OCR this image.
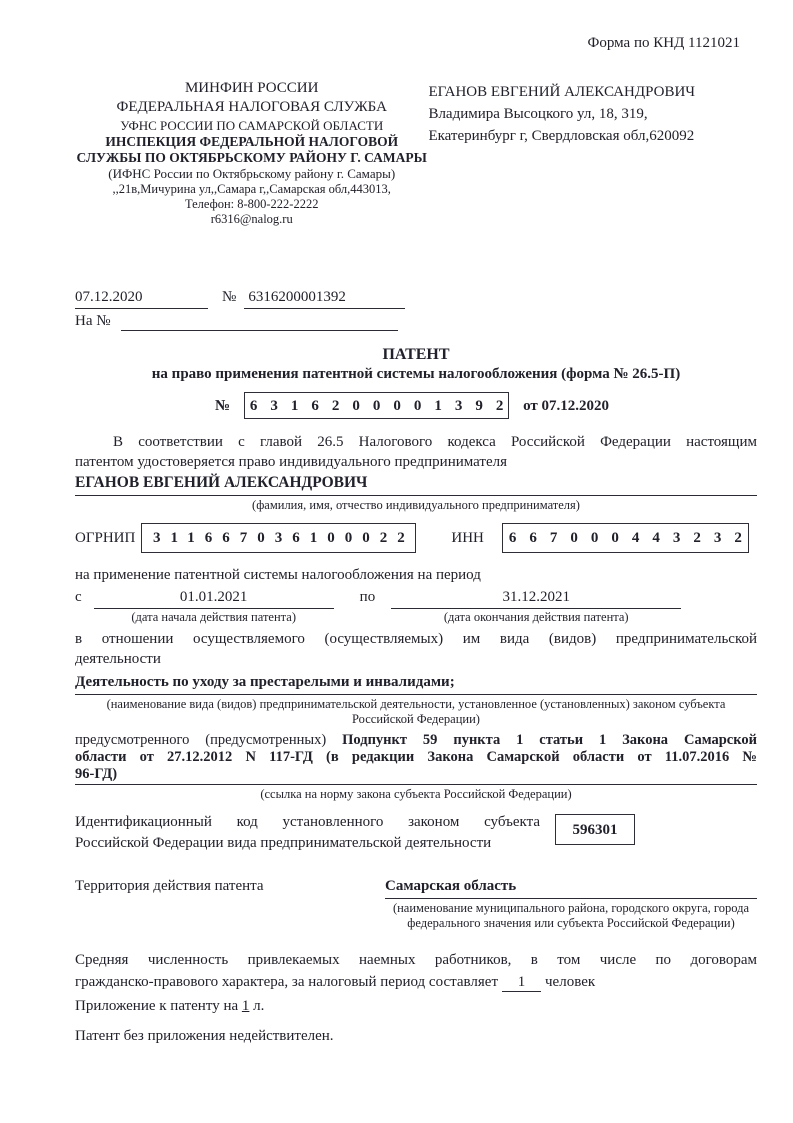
Форма по КНД 1121021
МИНФИН РОССИИ
ФЕДЕРАЛЬНАЯ НАЛОГОВАЯ СЛУЖБА
УФНС РОССИИ ПО САМАРСКОЙ ОБЛАСТИ
ИНСПЕКЦИЯ ФЕДЕРАЛЬНОЙ НАЛОГОВОЙ
СЛУЖБЫ ПО ОКТЯБРЬСКОМУ РАЙОНУ Г. САМАРЫ
(ИФНС России по Октябрьскому району г. Самары)
,,21в,Мичурина ул,,Самара г,,Самарская обл,443013,
Телефон: 8-800-222-2222
r6316@nalog.ru
ЕГАНОВ ЕВГЕНИЙ АЛЕКСАНДРОВИЧ
Владимира Высоцкого ул, 18, 319,
Екатеринбург г, Свердловская обл,620092
07.12.2020	№ 6316200001392
На №
ПАТЕНТ
на право применения патентной системы налогообложения (форма № 26.5-П)
№	6316200001392 от 07.12.2020
В соответствии с главой 26.5 Налогового кодекса Российской Федерации настоящим
патентом удостоверяется право индивидуального предпринимателя
ЕГАНОВ ЕВГЕНИЙ АЛЕКСАНДРОВИЧ
(фамилия, имя, отчество индивидуального предпринимателя)
ОГРНИП	311667036100022 ИНН	667000443232
на применение патентной системы налогообложения на период
с	01.01.2021
(дата начала действия патента)
по	31.12.2021
(дата окончания действия патента)
в отношении осуществляемого (осуществляемых) им вида (видов) предпринимательской
деятельности
Деятельность по уходу за престарелыми и инвалидами;
(наименование вида (видов) предпринимательской деятельности, установленное (установленных) законом субъекта
Российской Федерации)
предусмотренного (предусмотренных) Подпункт 59 пункта 1 статьи 1 Закона Самарской
области от 27.12.2012 N 117-ГД (в редакции Закона Самарской области от 11.07.2016 №
96-ГД)
(ссылка на норму закона субъекта Российской Федерации)
Идентификационный код установленного законом субъекта
Российской Федерации вида предпринимательской деятельности
596301
Территория действия патента	Самарская область
(наименование муниципального района, городского округа, города
федерального значения или субъекта Российской Федерации)
Средняя численность привлекаемых наемных работников, в том числе по договорам
гражданско-правового характера, за налоговый период составляет 1 человек
Приложение к патенту на 1 л.
Патент без приложения недействителен.
